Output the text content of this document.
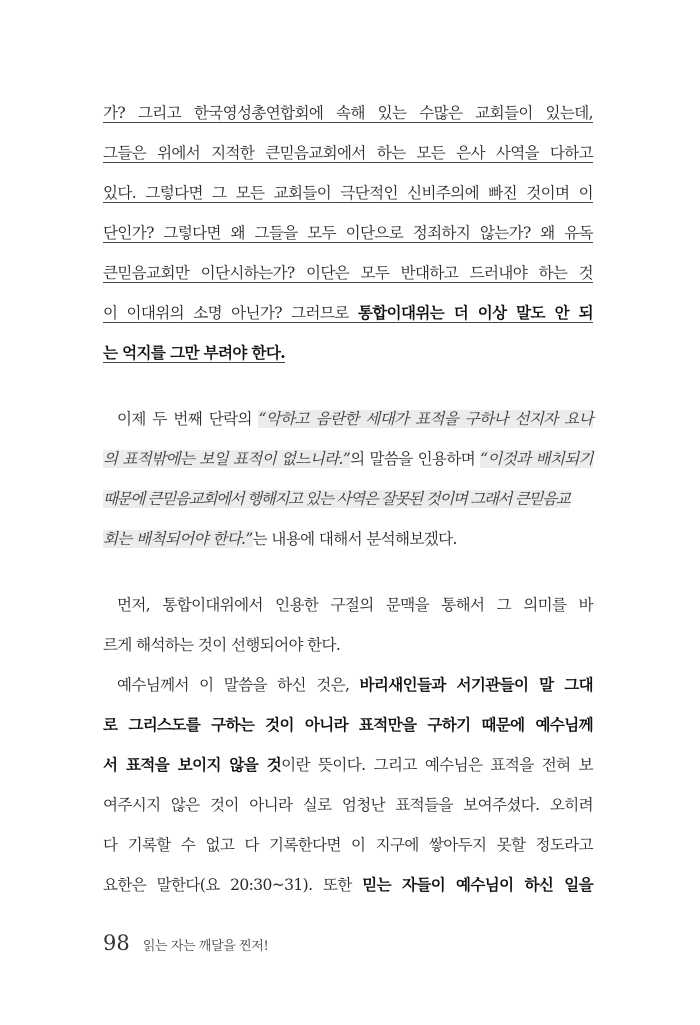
가? 그리고 한국영성총연합회에 속해 있는 수많은 교회들이 있는데,
그들은 위에서 지적한 큰믿음교회에서 하는 모든 은사 사역을 다하고
있다. 그렇다면 그 모든 교회들이 극단적인 신비주의에 빠진 것이며 이
단인가? 그렇다면 왜 그들을 모두 이단으로 정죄하지 않는가? 왜 유독
큰믿음교회만 이단시하는가? 이단은 모두 반대하고 드러내야 하는 것
이 이대위의 소명 아닌가? 그러므로 통합이대위는 더 이상 말도 안 되
는 억지를 그만 부려야 한다.
이제 두 번째 단락의 “악하고 음란한 세대가 표적을 구하나 선지자 요나
의 표적밖에는 보일 표적이 없느니라.”의 말씀을 인용하며 “이것과 배치되기
때문에 큰믿음교회에서 행해지고 있는 사역은 잘못된 것이며 그래서 큰믿음교
회는 배척되어야 한다.”는 내용에 대해서 분석해보겠다.
먼저, 통합이대위에서 인용한 구절의 문맥을 통해서 그 의미를 바
르게 해석하는 것이 선행되어야 한다.
예수님께서 이 말씀을 하신 것은, 바리새인들과 서기관들이 말 그대
로 그리스도를 구하는 것이 아니라 표적만을 구하기 때문에 예수님께
서 표적을 보이지 않을 것이란 뜻이다. 그리고 예수님은 표적을 전혀 보
여주시지 않은 것이 아니라 실로 엄청난 표적들을 보여주셨다. 오히려
다 기록할 수 없고 다 기록한다면 이 지구에 쌓아두지 못할 정도라고
요한은 말한다(요 20:30~31). 또한 믿는 자들이 예수님이 하신 일을
98 읽는 자는 깨달을 찐저!
